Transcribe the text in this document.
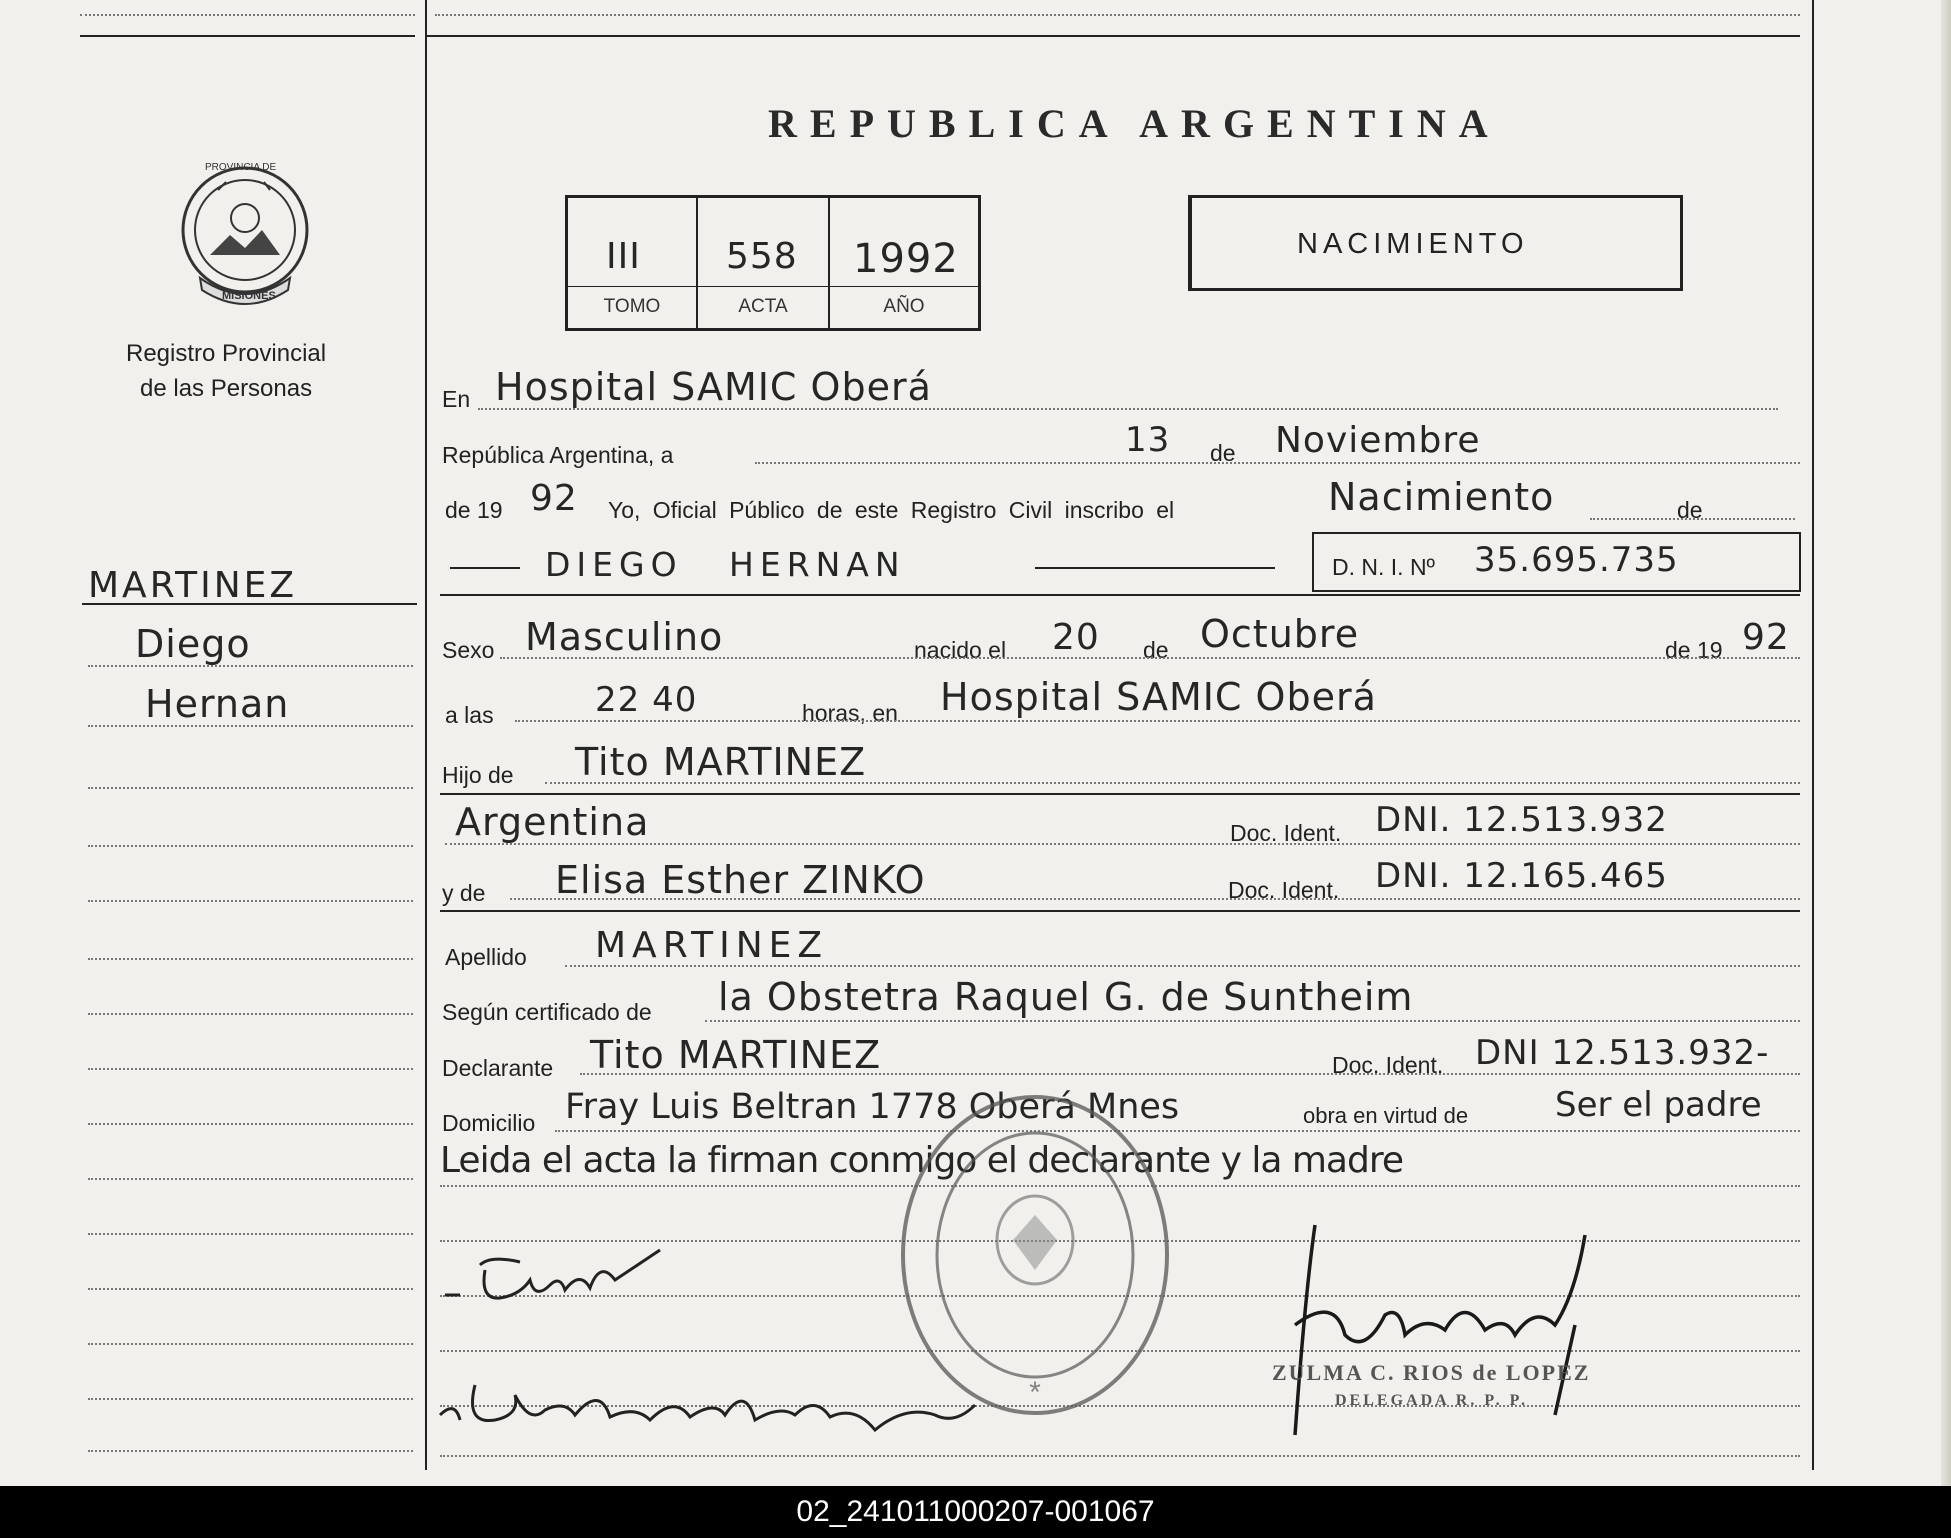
REPUBLICA ARGENTINA
PROVINCIA DE
MISIONES
Registro Provincial
de las Personas
III 558 1992
TOMO	ACTA	AÑO
NACIMIENTO
MARTINEZ
Diego
Hernan
En Hospital SAMIC Oberá
República Argentina, a	13 de Noviembre
de 19 92 Yo, Oficial Público de este Registro Civil inscribo el	Nacimiento	de
DIEGO HERNAN	D. N. I. Nº 35.695.735
Sexo Masculino	nacido el 20 de Octubre	de 19 92
a las	22 40	horas, en Hospital SAMIC Oberá
Hijo de Tito MARTINEZ
Argentina	Doc. Ident. DNI. 12.513.932
y de Elisa Esther ZINKO	Doc. Ident. DNI. 12.165.465
Apellido MARTINEZ
Según certificado de la Obstetra Raquel G. de Suntheim
Declarante Tito MARTINEZ	Doc. Ident. DNI 12.513.932-
Domicilio Fray Luis Beltran 1778 Oberá Mnes	obra en virtud de	Ser el padre
Leida el acta la firman conmigo el declarante y la madre
*
ZULMA C. RIOS de LOPEZ
DELEGADA R. P. P.
02_241011000207-001067
